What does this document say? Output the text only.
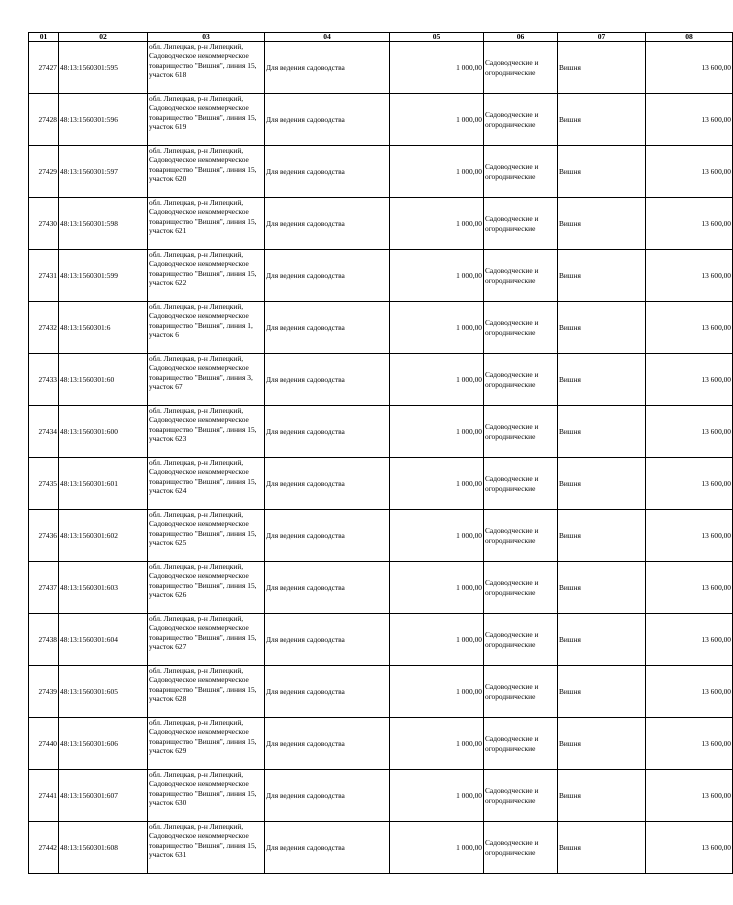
01	02	03	04	05	06	07	08
27427	48:13:1560301:595	обл. Липецкая, р-н Липецкий, Садоводческое некоммерческое товарищество "Вишня", линия 15, участок 618	Для ведения садоводства	1 000,00	Садоводческие и огороднические	Вишня	13 600,00
27428	48:13:1560301:596	обл. Липецкая, р-н Липецкий, Садоводческое некоммерческое товарищество "Вишня", линия 15, участок 619	Для ведения садоводства	1 000,00	Садоводческие и огороднические	Вишня	13 600,00
27429	48:13:1560301:597	обл. Липецкая, р-н Липецкий, Садоводческое некоммерческое товарищество "Вишня", линия 15, участок 620	Для ведения садоводства	1 000,00	Садоводческие и огороднические	Вишня	13 600,00
27430	48:13:1560301:598	обл. Липецкая, р-н Липецкий, Садоводческое некоммерческое товарищество "Вишня", линия 15, участок 621	Для ведения садоводства	1 000,00	Садоводческие и огороднические	Вишня	13 600,00
27431	48:13:1560301:599	обл. Липецкая, р-н Липецкий, Садоводческое некоммерческое товарищество "Вишня", линия 15, участок 622	Для ведения садоводства	1 000,00	Садоводческие и огороднические	Вишня	13 600,00
27432	48:13:1560301:6	обл. Липецкая, р-н Липецкий, Садоводческое некоммерческое товарищество "Вишня", линия 1, участок 6	Для ведения садоводства	1 000,00	Садоводческие и огороднические	Вишня	13 600,00
27433	48:13:1560301:60	обл. Липецкая, р-н Липецкий, Садоводческое некоммерческое товарищество "Вишня", линия 3, участок 67	Для ведения садоводства	1 000,00	Садоводческие и огороднические	Вишня	13 600,00
27434	48:13:1560301:600	обл. Липецкая, р-н Липецкий, Садоводческое некоммерческое товарищество "Вишня", линия 15, участок 623	Для ведения садоводства	1 000,00	Садоводческие и огороднические	Вишня	13 600,00
27435	48:13:1560301:601	обл. Липецкая, р-н Липецкий, Садоводческое некоммерческое товарищество "Вишня", линия 15, участок 624	Для ведения садоводства	1 000,00	Садоводческие и огороднические	Вишня	13 600,00
27436	48:13:1560301:602	обл. Липецкая, р-н Липецкий, Садоводческое некоммерческое товарищество "Вишня", линия 15, участок 625	Для ведения садоводства	1 000,00	Садоводческие и огороднические	Вишня	13 600,00
27437	48:13:1560301:603	обл. Липецкая, р-н Липецкий, Садоводческое некоммерческое товарищество "Вишня", линия 15, участок 626	Для ведения садоводства	1 000,00	Садоводческие и огороднические	Вишня	13 600,00
27438	48:13:1560301:604	обл. Липецкая, р-н Липецкий, Садоводческое некоммерческое товарищество "Вишня", линия 15, участок 627	Для ведения садоводства	1 000,00	Садоводческие и огороднические	Вишня	13 600,00
27439	48:13:1560301:605	обл. Липецкая, р-н Липецкий, Садоводческое некоммерческое товарищество "Вишня", линия 15, участок 628	Для ведения садоводства	1 000,00	Садоводческие и огороднические	Вишня	13 600,00
27440	48:13:1560301:606	обл. Липецкая, р-н Липецкий, Садоводческое некоммерческое товарищество "Вишня", линия 15, участок 629	Для ведения садоводства	1 000,00	Садоводческие и огороднические	Вишня	13 600,00
27441	48:13:1560301:607	обл. Липецкая, р-н Липецкий, Садоводческое некоммерческое товарищество "Вишня", линия 15, участок 630	Для ведения садоводства	1 000,00	Садоводческие и огороднические	Вишня	13 600,00
27442	48:13:1560301:608	обл. Липецкая, р-н Липецкий, Садоводческое некоммерческое товарищество "Вишня", линия 15, участок 631	Для ведения садоводства	1 000,00	Садоводческие и огороднические	Вишня	13 600,00
